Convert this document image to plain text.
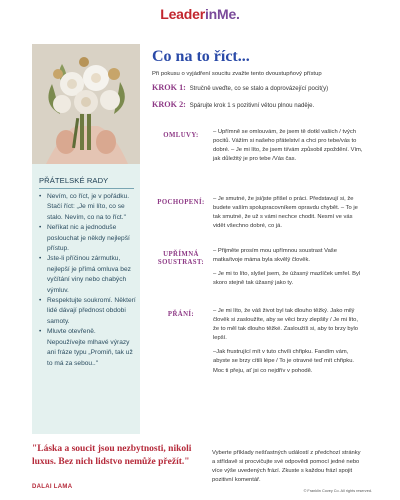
LeaderinMe.
PŘÁTELSKÉ RADY
• Nevím, co říct, je v pořádku. Stačí říct: „Je mi líto, co se stalo. Nevím, co na to říct."
• Neříkat nic a jednoduše poslouchat je někdy nejlepší přístup.
• Jste-li příčinou zármutku, nejlepší je přímá omluva bez vyčítání viny nebo chabých výmluv.
• Respektujte soukromí. Některí lidé dávají přednost obdobi samoty.
• Mluvte otevřeně. Nepoužívejte mlhavé výrazy ani fráze typu „Promiň, tak už to má za sebou.."
Co na to říct...
Při pokusu o vyjádření soucitu zvažte tento dvoustupňový přístup
KROK 1: Stručně uveďte, co se stalo a doprovázející pocit(y)
KROK 2: Spárujte krok 1 s pozitivní větou plnou naděje.
OMLUVY:	– Upřímně se omlouvám, že jsem tě dotkl vašich / tvých pocitů. Vážím si našeho přátelství a chci pro tebe/vás to dobré. – Je mi líto, že jsem ti/vám způsobil zpoždění. Vím, jak důležitý je pro tebe /Vás čas.

POCHOPENÍ:	– Je smutné, že jsi/jste přišel o práci. Představují si, že budete vaším spolupracovníkem opravdu chybět. – To je tak smutné, že už s vámi nechce chodit. Nesmí ve vás vidět všechno dobré, co já.

UPŘÍMNÁ SOUSTRAST:

– Přijměte prosím mou upřímnou soustrast Vaše matka/tvoje máma byla skvělý člověk.

– Je mi to líto, slyšel jsem, že úžasný mazlíček umřel. Byl skoro stejně tak úžasný jako ty.

PŘÁNÍ:	– Je mi líto, že váš život byl tak dlouho těžký. Jako milý člověk si zasloužíte, aby se věci brzy zlepšily / Je mi líto, že to měl tak dlouho těžké. Zasloužíš si, aby to brzy bylo lepší.

–Jak frustrující mít v tuto chvíli chřipku. Fandím vám, abyste se brzy cítili lépe / To je otravné teď mít chřipku. Moc ti přeju, ať jsi co nejdřív v pohodě.

"Láska a soucit jsou nezbytnosti, nikoli luxus. Bez nich lidstvo nemůže přežít."
DALAI LAMA
Vyberte příklady nešťastných událostí z předchozí stránky a střídavě si procvičujte své odpovědi pomocí jedné nebo více výše uvedených frází. Zkuste s každou frází spojit pozitivní komentář.
© Franklin Covey Co. All rights reserved.
